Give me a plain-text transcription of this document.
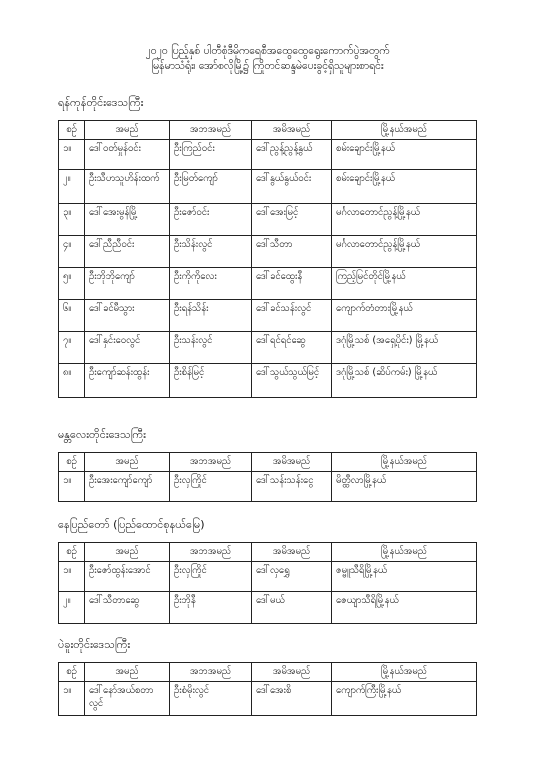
၂၀၂၀ ပြည့်နှစ် ပါတီစုံဒီမိုကရေစီအထွေထွေရွေးကောက်ပွဲအတွက်
မြန်မာသံရုံး၊ အော်စလိုမြို့၌ ကြိုတင်ဆန္ဒမဲပေးခွင့်ရှိသူများစာရင်း
ရန်ကုန်တိုင်းဒေသကြီး
စဉ်	အမည်	အဘအမည်	အမိအမည်	မြို့နယ်အမည်
၁။	ဒေါ်ဝတ်မှုန်ဝင်း	ဦးကြည်ဝင်း	ဒေါ်ညွန့်ညွန့်နွယ်	စမ်းချောင်းမြို့နယ်
၂။	ဦးသီဟသူဟိန်းထက်	ဦးမြတ်ကျော်	ဒေါ်နွယ်နွယ်ဝင်း	စမ်းချောင်းမြို့နယ်
၃။	ဒေါ်အေးမွန်မြို့	ဦးဇော်ဝင်း	ဒေါ်အေးမြင့်	မင်္ဂလာတောင်ညွန့်မြို့နယ်
၄။	ဒေါ်ညီညီဝင်း	ဦးသိန်းလွင်	ဒေါ်သီတာ	မင်္ဂလာတောင်ညွန့်မြို့နယ်
၅။	ဦးဘိုဘိုကျော်	ဦးကိုကိုလေး	ဒေါ်ခင်ထွေးနီ	ကြည့်မြင်တိုင်မြို့နယ်
၆။	ဒေါ်ခင်မီသွား	ဦးရန်သိန်း	ဒေါ်ခင်သန်းလွင်	ကျောက်တံတားမြို့နယ်
၇။	ဒေါ်နှင်းဝေလွင်	ဦးသန်းလွင်	ဒေါ်ရင်ရင်ဆွေ	ဒဂုံမြို့သစ် (အရှေ့ပိုင်း) မြို့နယ်
၈။	ဦးကျော်ဆန်းထွန်း	ဦးစိန်မြင့်	ဒေါ်သွယ်သွယ်မြင့်	ဒဂုံမြို့သစ် (ဆိပ်ကမ်း) မြို့နယ်
မန္တလေးတိုင်းဒေသကြီး
စဉ်	အမည်	အဘအမည်	အမိအမည်	မြို့နယ်အမည်
၁။	ဦးအေးကျော်ကျော်	ဦးလှကြိုင်	ဒေါ်သန်းသန်းငွေ	မိတ္ထီလာမြို့နယ်
နေပြည်တော် (ပြည်ထောင်စုနယ်မြေ)
စဉ်	အမည်	အဘအမည်	အမိအမည်	မြို့နယ်အမည်
၁။	ဦးဇော်ထွန်းအောင်	ဦးလှကြိုင်	ဒေါ်လှရွှေ	ဇမ္ဗူသီရိမြို့နယ်
၂။	ဒေါ်သီတာဆွေ	ဦးဘိုနီ	ဒေါ်မယ်	ဇေယျာသီရိမြို့နယ်
ပဲခူးတိုင်းဒေသကြီး
စဉ်	အမည်	အဘအမည်	အမိအမည်	မြို့နယ်အမည်
၁။	ဒေါ်နော်အယ်စတာလွင်	ဦးစံမိုးလွင်	ဒေါ်အေးစိ	ကျောက်ကြီးမြို့နယ်
